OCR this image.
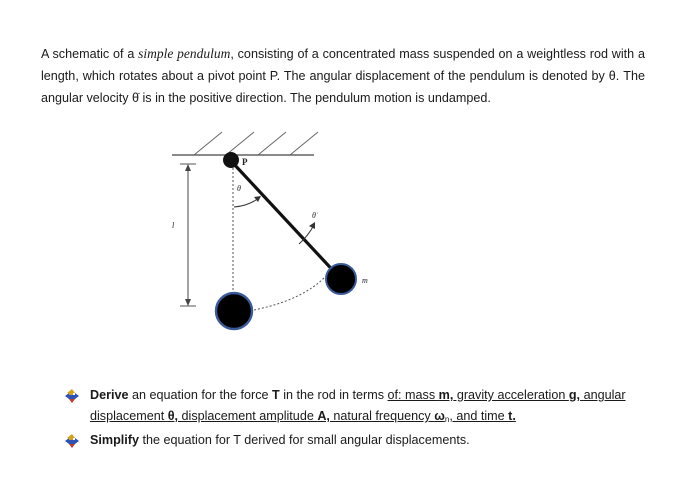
A schematic of a simple pendulum, consisting of a concentrated mass suspended on a weightless rod with a length, which rotates about a pivot point P. The angular displacement of the pendulum is denoted by θ. The angular velocity θ̇ is in the positive direction. The pendulum motion is undamped.

l
θ
θ̇
P
m
Derive an equation for the force T in the rod in terms of: mass m, gravity acceleration g, angular displacement θ, displacement amplitude A, natural frequency $\omega_n$, and time t.
Simplify the equation for T derived for small angular displacements.
